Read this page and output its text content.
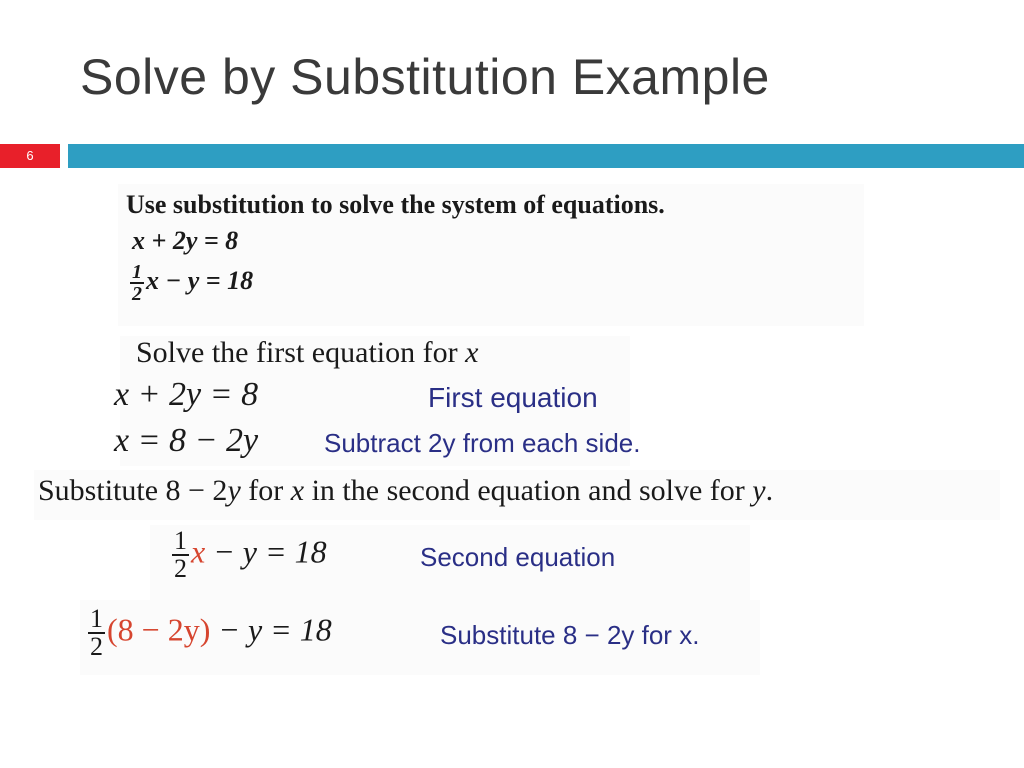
Solve by Substitution Example
6
Use substitution to solve the system of equations.
x + 2y = 8
$\frac{1}{2}$ x − y = 18
Solve the first equation for x
x + 2y = 8	First equation
x = 8 − 2y	Subtract 2y from each side.
Substitute 8 − 2y for x in the second equation and solve for y.
$\frac{1}{2}$ x − y = 18	Second equation
$\frac{1}{2} (8 - 2y) - y = 18$	Substitute 8 − 2y for x.
